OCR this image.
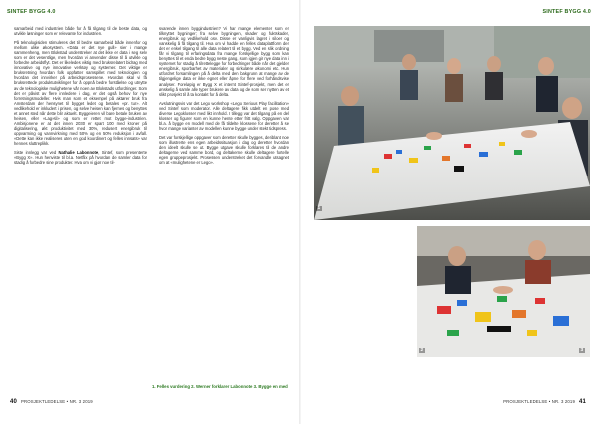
SINTEF BYGG 4.0	SINTEF BYGG 4.0

samarbeid med industrien både for å få tilgang til de beste data, og utvikle løsninger som er relevante for industrien.

På teknologisiden stimuleres det til bedre samarbeid både innenfor og mellom ulike økosystem. «Data er det nye gull» sier i mange sammenheng, men Blokstad understreker at det ikke er data i seg selv som er det vesentlige, men hvordan vi anvender disse til å utvikle og forbedre arbeidsflyt. Det er likeledes viktig med bruksrelatert bidrag med innovative og nye innovative verktøy og systemer. Det viktige er bruksretning hvordan folk oppfatter samspillet med teknologien og hvordan det innvirker på arbeidsprosessene. Hvordan skal vi få bruksrettede produktutviklinger for å oppnå bedre forståelse og utnytte av de teknologiske mulighetene vår noen av Blokstads utfordringer. Som det er påvist av flere innledere i dag, er det også behov for nye forretningsmodeller. Hvis man som et eksempel på aktører bruk fra Amsterdam der hensynet til bygget ledet og betales «pr. tur». Alt vedlikehold er inkludert i prisen, og selve heisen kan fjernes og benyttes et annet sted når dette blir aktuelt. Byggeieren vil bare betale bruken av heisen, eller «Lag»til» og som er rettet mot bygge-industrien. Ambisjonene er at det innen 2030 er spart 100 med kroner på digitalisering, økt produktivitet med 30%, redusert energibruk til oppvarming og vannvirkning med 50% og en 50% reduksjon i avfall. «Dette kan ikke realiseres uten en god koordinert og felles innsats» var hennes sluttreplikk.

Siste innlegg var ved Nathalie Labonnote, Sintef, som presenterte «Bygg X». Hun henviste til bl.a. Netflix på hvordan de samler data for stadig å forbedre sine produkter. Hva om vi gjør noe til-

svarende innen byggindustrien? Vi har mange elementer som er tilknyttet bygninger; fra selve bygningen, skader og fuktskader, energibruk og vedlikehold osv. Disse er vanligvis lagret i siloer og vanskelig å få tilgang til. Hva om vi hadde en felles dataplattform der det er enkel tilgang til alle data relatert til et bygg. Ved en slik ordning får vi tilgang til erfaringsdata fra mange forskjellige bygg som kan benyttes til et enda bedre bygg neste gang, som igjen gir nye data inn i systemet for stadig å tilrettelegge for forbedringer både når det gjelder energibruk, sporbarhet av materialer og sirkulære økonomi etc. Hun utfordret forsamlingen på å delta med den bakgrunn at mange av de tilgjengelige data er ikke egnet eller åpne for flere ved forhåndsvise analyser. Foreløpig er Bygg X et internt Sintef-prosjekt, men det er ønskelig å samle alle typer brukere av data og de som ser nytten av et slikt prosjekt til å ta kontakt for å delta.

Avslutningsvis var det Lego workshop «Lego Serious Play facilitation» ved Sintef som moderator. Alle deltagere fikk utdelt en pose med diverse Legoklosser med likt innhold. I tillegg var det tilgang på en del klosser og figurer som en kunne hente etter fritt valg. Oppgaven var bl.a. å bygge en modell med de få tildelte klossene for deretter å se hvor mange varianter av modellen kunne bygge under stekt tidspress.

Det var forskjellige oppgaver som deretter skulle bygges, deriblant noe som illustrerte ens egen arbeidssituasjon i dag og deretter hvordan den ideelt skulle se ut. Bygge utgave skulle forklares til de andre deltagerne ved samme bord, og deltakerne skulle deltagere fortelle egen gruppeprosjekt. Prosessen understreket det forvandle utsagnet om at «mulighetene er Lego».

1. Felles vurdering 2. Werner forklarer Labonnote 3. Bygge en med
1
2	3
40 PROSJEKTLEDELSE • NR. 3 2019	PROSJEKTLEDELSE • NR. 3 2019 41
